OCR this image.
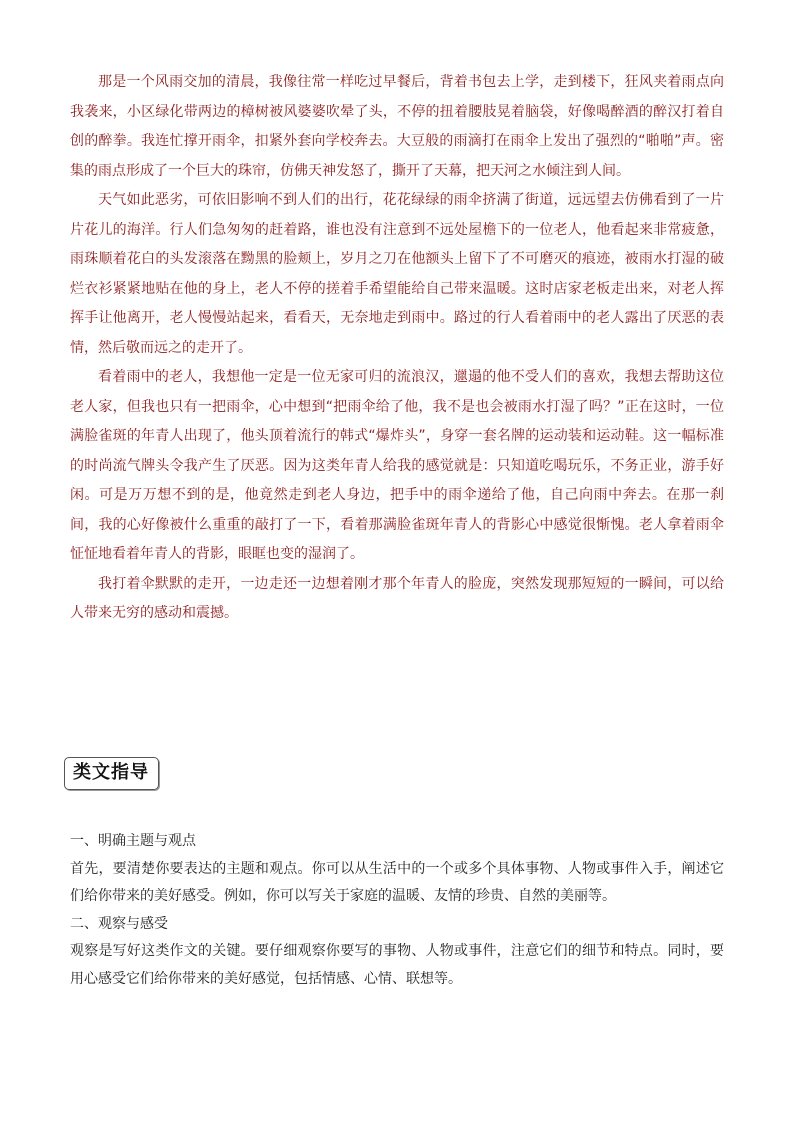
那是一个风雨交加的清晨，我像往常一样吃过早餐后，背着书包去上学，走到楼下，狂风夹着雨点向我袭来，小区绿化带两边的樟树被风婆婆吹晕了头，不停的扭着腰肢晃着脑袋，好像喝醉酒的醉汉打着自创的醉拳。我连忙撑开雨伞，扣紧外套向学校奔去。大豆般的雨滴打在雨伞上发出了强烈的“啪啪”声。密集的雨点形成了一个巨大的珠帘，仿佛天神发怒了，撕开了天幕，把天河之水倾注到人间。

天气如此恶劣，可依旧影响不到人们的出行，花花绿绿的雨伞挤满了街道，远远望去仿佛看到了一片片花儿的海洋。行人们急匆匆的赶着路，谁也没有注意到不远处屋檐下的一位老人，他看起来非常疲惫，雨珠顺着花白的头发滚落在黝黑的脸颊上，岁月之刀在他额头上留下了不可磨灭的痕迹，被雨水打湿的破烂衣衫紧紧地贴在他的身上，老人不停的搓着手希望能给自己带来温暖。这时店家老板走出来，对老人挥挥手让他离开，老人慢慢站起来，看看天，无奈地走到雨中。路过的行人看着雨中的老人露出了厌恶的表情，然后敬而远之的走开了。

看着雨中的老人，我想他一定是一位无家可归的流浪汉，邋遢的他不受人们的喜欢，我想去帮助这位老人家，但我也只有一把雨伞，心中想到“把雨伞给了他，我不是也会被雨水打湿了吗？”正在这时，一位满脸雀斑的年青人出现了，他头顶着流行的韩式“爆炸头”，身穿一套名牌的运动装和运动鞋。这一幅标准的时尚流气牌头令我产生了厌恶。因为这类年青人给我的感觉就是：只知道吃喝玩乐，不务正业，游手好闲。可是万万想不到的是，他竟然走到老人身边，把手中的雨伞递给了他，自己向雨中奔去。在那一刹间，我的心好像被什么重重的敲打了一下，看着那满脸雀斑年青人的背影心中感觉很惭愧。老人拿着雨伞怔怔地看着年青人的背影，眼眶也变的湿润了。

我打着伞默默的走开，一边走还一边想着刚才那个年青人的脸庞，突然发现那短短的一瞬间，可以给人带来无穷的感动和震撼。

类文指导

一、明确主题与观点

首先，要清楚你要表达的主题和观点。你可以从生活中的一个或多个具体事物、人物或事件入手，阐述它们给你带来的美好感受。例如，你可以写关于家庭的温暖、友情的珍贵、自然的美丽等。

二、观察与感受

观察是写好这类作文的关键。要仔细观察你要写的事物、人物或事件，注意它们的细节和特点。同时，要用心感受它们给你带来的美好感觉，包括情感、心情、联想等。
